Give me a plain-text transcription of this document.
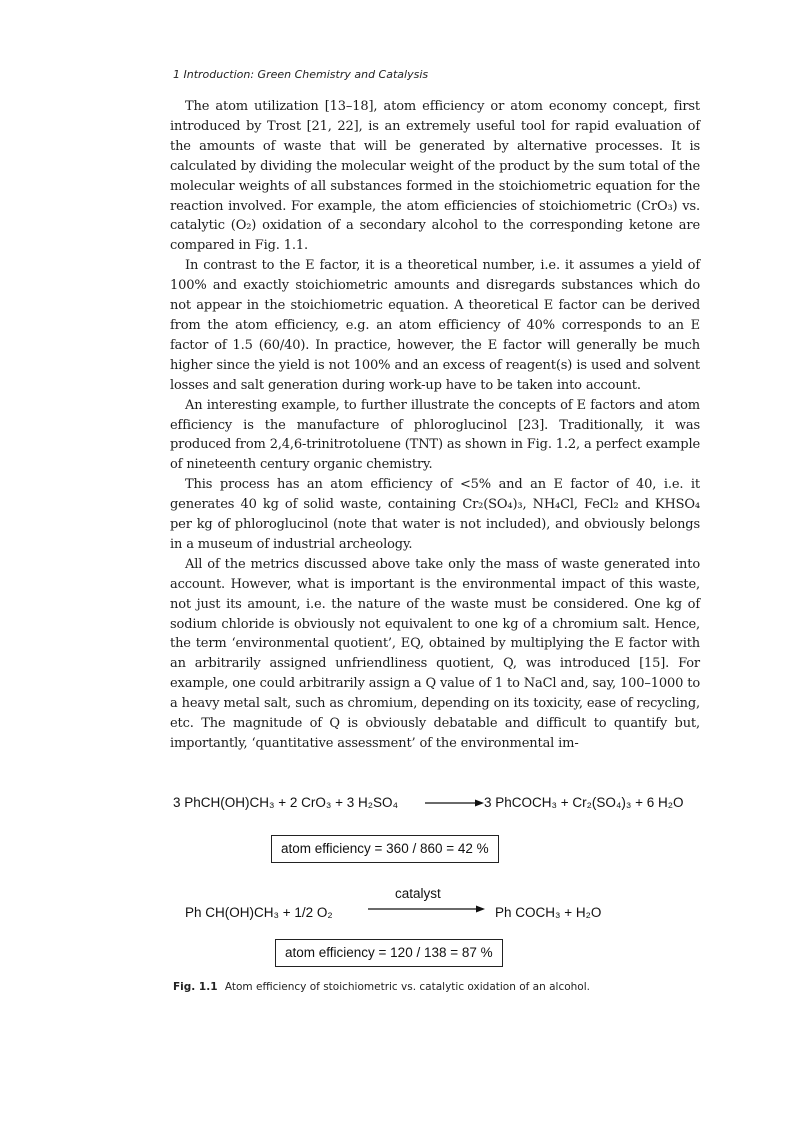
1 Introduction: Green Chemistry and Catalysis

The atom utilization [13–18], atom efficiency or atom economy concept, first introduced by Trost [21, 22], is an extremely useful tool for rapid evaluation of the amounts of waste that will be generated by alternative processes. It is calculated by dividing the molecular weight of the product by the sum total of the molecular weights of all substances formed in the stoichiometric equation for the reaction involved. For example, the atom efficiencies of stoichiometric (CrO₃) vs. catalytic (O₂) oxidation of a secondary alcohol to the corresponding ketone are compared in Fig. 1.1.

In contrast to the E factor, it is a theoretical number, i.e. it assumes a yield of 100% and exactly stoichiometric amounts and disregards substances which do not appear in the stoichiometric equation. A theoretical E factor can be derived from the atom efficiency, e.g. an atom efficiency of 40% corresponds to an E factor of 1.5 (60/40). In practice, however, the E factor will generally be much higher since the yield is not 100% and an excess of reagent(s) is used and solvent losses and salt generation during work-up have to be taken into account.

An interesting example, to further illustrate the concepts of E factors and atom efficiency is the manufacture of phloroglucinol [23]. Traditionally, it was produced from 2,4,6-trinitrotoluene (TNT) as shown in Fig. 1.2, a perfect example of nineteenth century organic chemistry.

This process has an atom efficiency of <5% and an E factor of 40, i.e. it generates 40 kg of solid waste, containing Cr₂(SO₄)₃, NH₄Cl, FeCl₂ and KHSO₄ per kg of phloroglucinol (note that water is not included), and obviously belongs in a museum of industrial archeology.

All of the metrics discussed above take only the mass of waste generated into account. However, what is important is the environmental impact of this waste, not just its amount, i.e. the nature of the waste must be considered. One kg of sodium chloride is obviously not equivalent to one kg of a chromium salt. Hence, the term ‘environmental quotient’, EQ, obtained by multiplying the E factor with an arbitrarily assigned unfriendliness quotient, Q, was introduced [15]. For example, one could arbitrarily assign a Q value of 1 to NaCl and, say, 100–1000 to a heavy metal salt, such as chromium, depending on its toxicity, ease of recycling, etc. The magnitude of Q is obviously debatable and difficult to quantify but, importantly, ‘quantitative assessment’ of the environmental im-

3 PhCH(OH)CH₃ + 2 CrO₃ + 3 H₂SO₄ → 3 PhCOCH₃ + Cr₂(SO₄)₃ + 6 H₂O
atom efficiency = 360 / 860 = 42 %
Ph CH(OH)CH₃ + 1/2 O₂
catalyst
Ph COCH₃ + H₂O
atom efficiency = 120 / 138 = 87 %
Fig. 1.1 Atom efficiency of stoichiometric vs. catalytic oxidation of an alcohol.
